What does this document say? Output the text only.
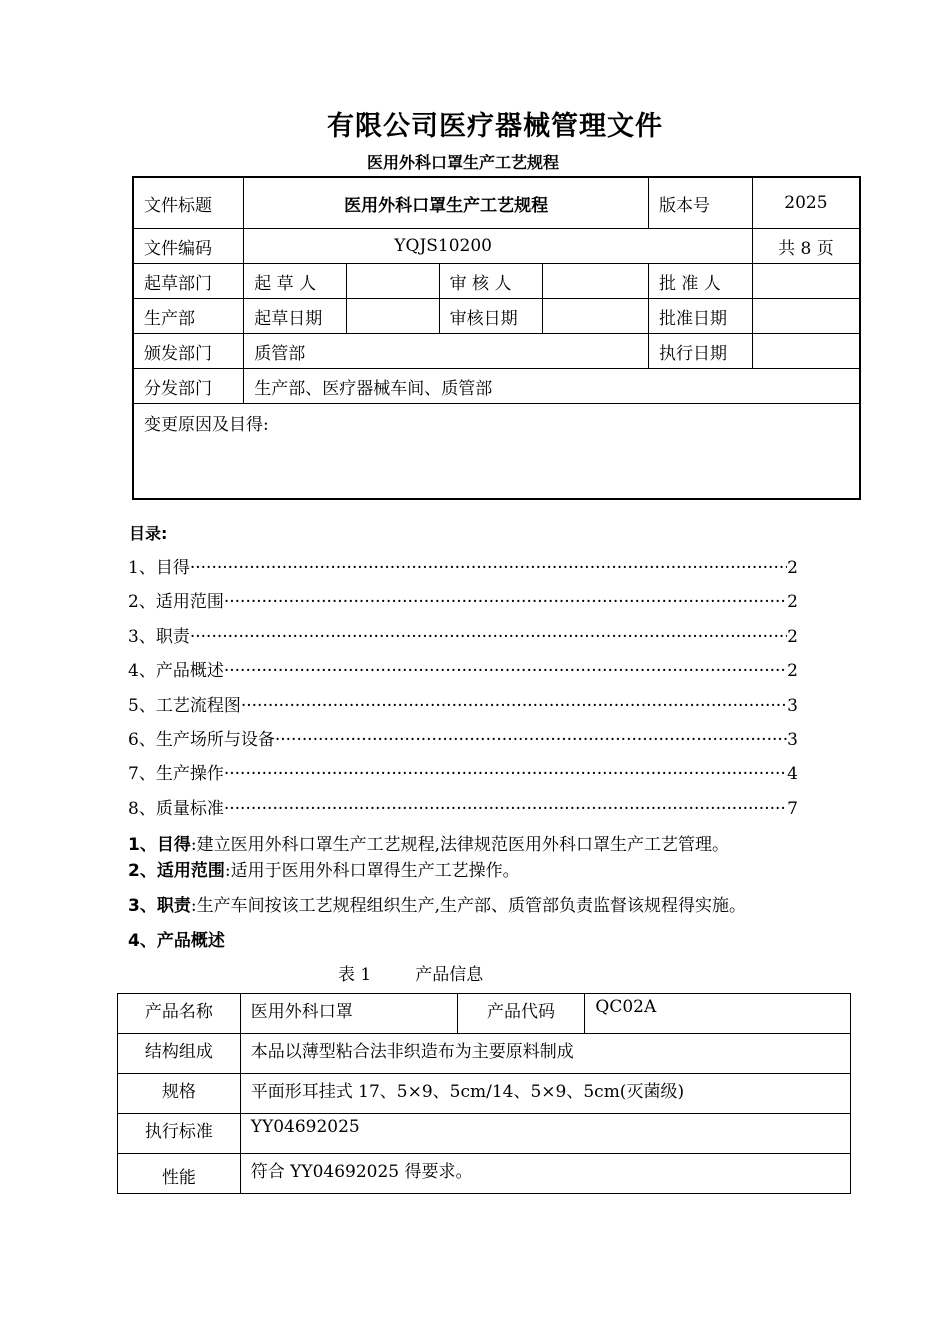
有限公司医疗器械管理文件
医用外科口罩生产工艺规程
文件标题	医用外科口罩生产工艺规程				版本号	2025
文件编码	YQJS10200					共 8 页
起草部门	起 草 人		审 核 人		批 准 人	
生产部	起草日期		审核日期		批准日期	
颁发部门	质管部				执行日期	
分发部门	生产部、医疗器械车间、质管部					
变更原因及目得:						
目录:
1、目得 ·····	2
2、适用范围 ·····	2
3、职责 ·····	2
4、产品概述 ·····	2
5、工艺流程图 ·····	3
6、生产场所与设备 ·····	3
7、生产操作 ·····	4
8、质量标准 ·····	7
1、目得:建立医用外科口罩生产工艺规程,法律规范医用外科口罩生产工艺管理。
2、适用范围:适用于医用外科口罩得生产工艺操作。
3、职责:生产车间按该工艺规程组织生产,生产部、质管部负责监督该规程得实施。
4、产品概述
表 1	产品信息
产品名称	医用外科口罩	产品代码	QC02A
结构组成	本品以薄型粘合法非织造布为主要原料制成		
规格	平面形耳挂式 17、5×9、5cm/14、5×9、5cm(灭菌级)		
执行标准	YY04692025		
性能	符合 YY04692025 得要求。		
